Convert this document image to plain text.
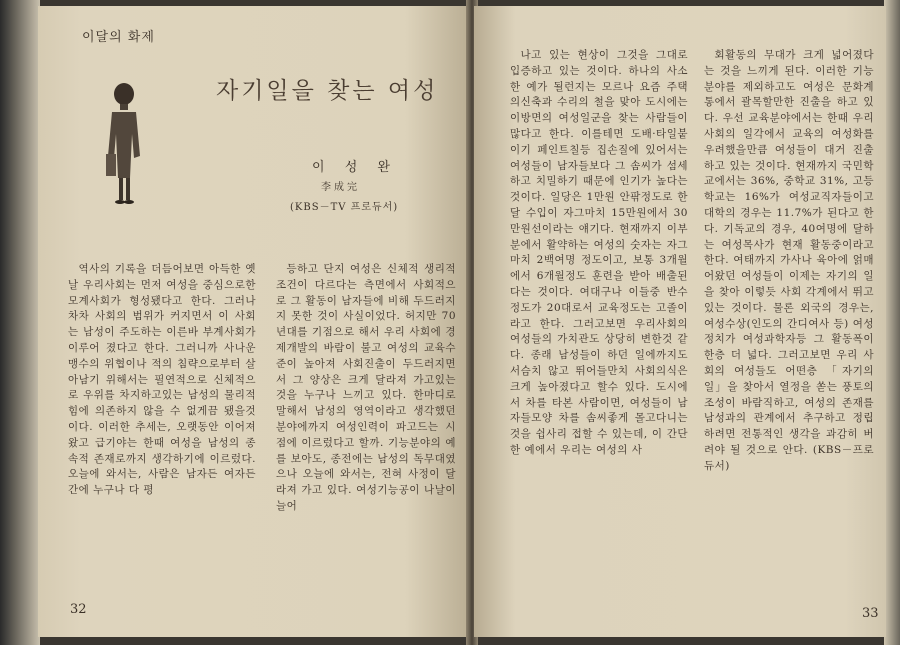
이달의 화제
자기일을 찾는 여성
이 성 완
李成完
(KBS－TV 프로듀서)

역사의 기록을 더듬어보면 아득한 옛날 우리사회는 먼저 여성을 중심으로한 모계사회가 형성됐다고 한다. 그러나 차차 사회의 범위가 커지면서 이 사회는 남성이 주도하는 이른바 부계사회가 이루어 졌다고 한다. 그러니까 사나운 맹수의 위협이나 적의 침략으로부터 살아남기 위해서는 필연적으로 신체적으로 우위를 차지하고있는 남성의 물리적 힘에 의존하지 않을 수 없게끔 됐을것이다. 이러한 추세는, 오랫동안 이어져 왔고 급기야는 한때 여성을 남성의 종속적 존재로까지 생각하기에 이르렀다. 오늘에 와서는, 사람은 남자든 여자든 간에 누구나 다 평

등하고 단지 여성은 신체적 생리적조건이 다르다는 측면에서 사회적으로 그 활동이 남자들에 비해 두드러지지 못한 것이 사실이었다. 허지만 70년대를 기점으로 해서 우리 사회에 경제개발의 바람이 불고 여성의 교육수준이 높아져 사회진출이 두드러지면서 그 양상은 크게 달라져 가고있는 것을 누구나 느끼고 있다. 한마디로 말해서 남성의 영역이라고 생각했던 분야에까지 여성인력이 파고드는 시점에 이르렀다고 할까. 기능분야의 예를 보아도, 종전에는 남성의 독무대였으나 오늘에 와서는, 전혀 사정이 달라져 가고 있다. 여성기능공이 나날이 늘어

32

나고 있는 현상이 그것을 그대로 입증하고 있는 것이다. 하나의 사소한 예가 될런지는 모르나 요즘 주택의신축과 수리의 철을 맞아 도시에는 이방면의 여성일군을 찾는 사람들이 많다고 한다. 이를테면 도배·타일붙이기 페인트칠등 집손질에 있어서는 여성들이 남자들보다 그 솜씨가 섬세하고 치밀하기 때문에 인기가 높다는 것이다. 일당은 1만원 안팎정도로 한달 수입이 자그마치 15만원에서 30만원선이라는 얘기다. 현재까지 이부분에서 활약하는 여성의 숫자는 자그마치 2백여명 정도이고, 보통 3개월에서 6개월정도 훈련을 받아 배출된다는 것이다. 여대구나 이들중 반수정도가 20대로서 교육정도는 고졸이라고 한다. 그러고보면 우리사회의 여성들의 가치관도 상당히 변한것 같다. 종래 남성들이 하던 일에까지도 서슴치 않고 뛰어들만치 사회의식은 크게 높아졌다고 할수 있다. 도시에서 차를 타본 사람이면, 여성들이 남자들모양 차를 솜씨좋게 몰고다니는 것을 쉽사리 접할 수 있는데, 이 간단한 예에서 우리는 여성의 사

회활동의 무대가 크게 넓어졌다는 것을 느끼게 된다. 이러한 기능분야를 제외하고도 여성은 문화계통에서 괄목할만한 진출을 하고 있다. 우선 교육분야에서는 한때 우리 사회의 일각에서 교육의 여성화를 우려했을만큼 여성들이 대거 진출하고 있는 것이다. 현재까지 국민학교에서는 36%, 중학교 31%, 고등학교는 16%가 여성교직자들이고 대학의 경우는 11.7%가 된다고 한다. 기독교의 경우, 40여명에 달하는 여성목사가 현재 활동중이라고 한다. 여태까지 가사나 육아에 얽매어왔던 여성들이 이제는 자기의 일을 찾아 이렇듯 사회 각계에서 뛰고 있는 것이다. 물론 외국의 경우는, 여성수상(인도의 간디여사 등) 여성정치가 여성과학자등 그 활동폭이 한층 더 넓다. 그러고보면 우리 사회의 여성들도 어떤층 「자기의 일」을 찾아서 열정을 쏟는 풍토의 조성이 바람직하고, 여성의 존재를 남성과의 관계에서 추구하고 정립하려면 전통적인 생각을 과감히 버려야 될 것으로 안다. (KBS－프로듀서)

33
